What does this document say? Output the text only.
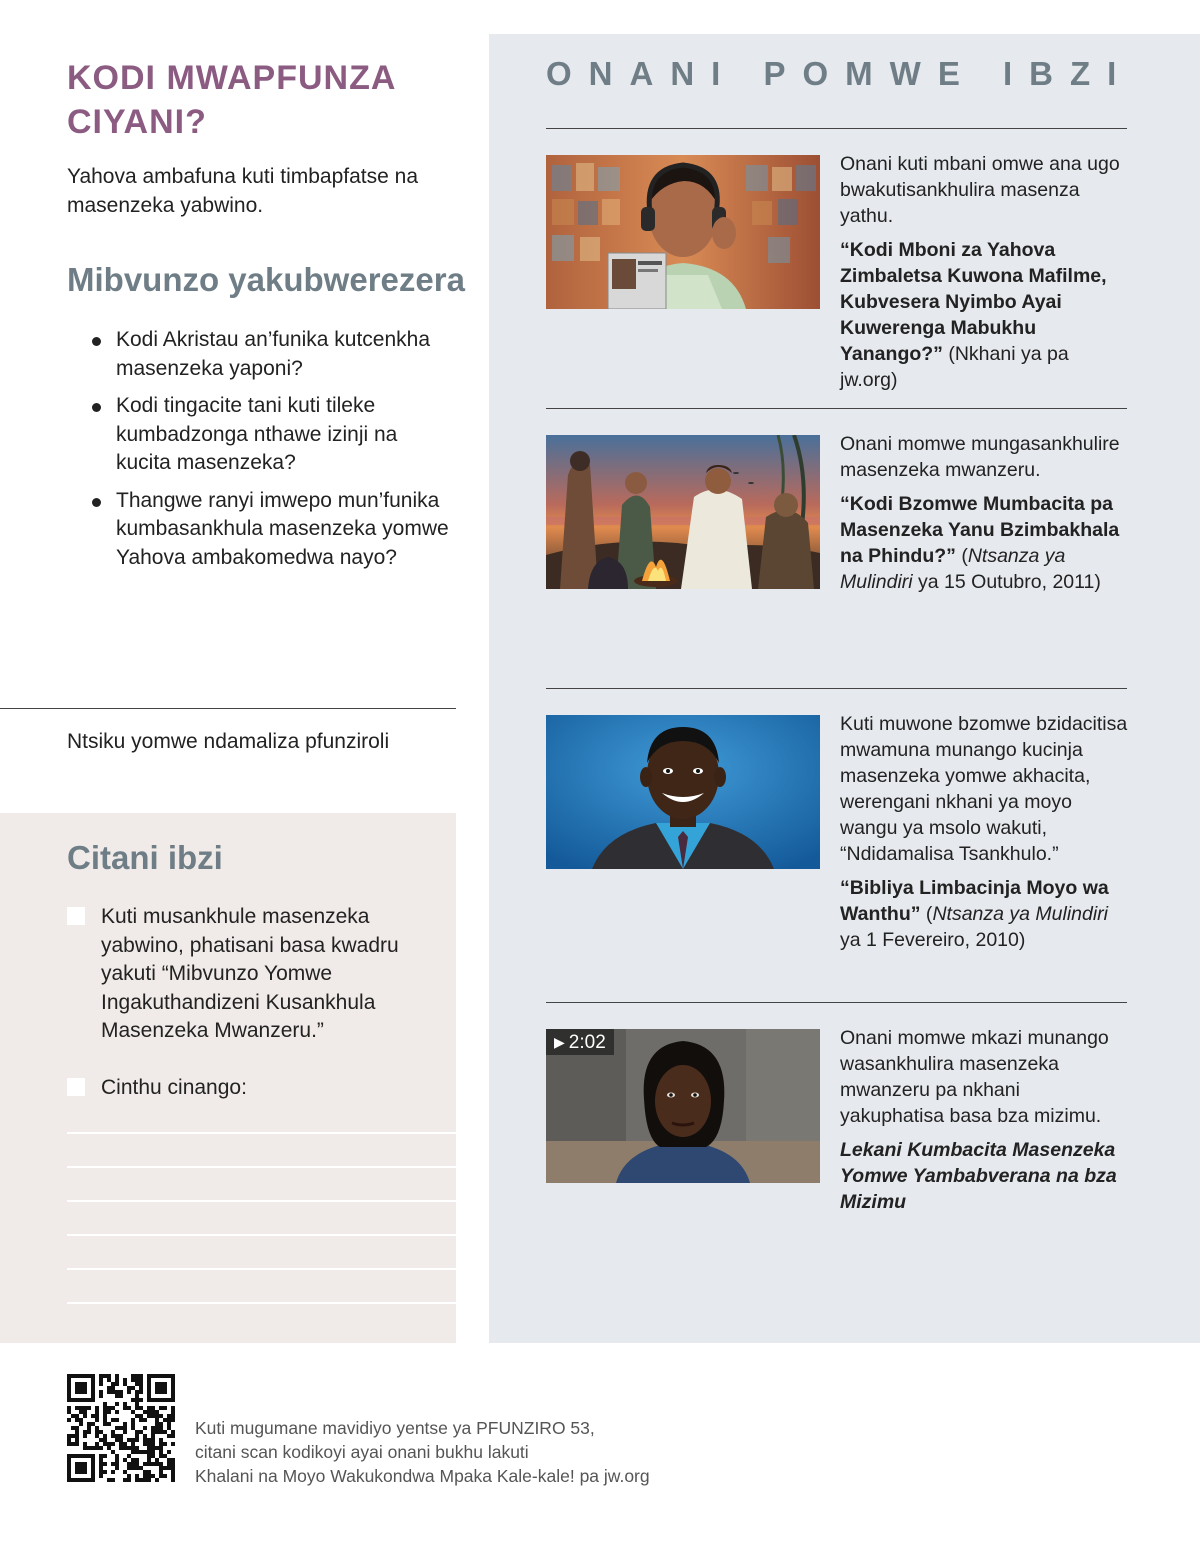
KODI MWAPFUNZA CIYANI?

Yahova ambafuna kuti timbapfatse na masenzeka yabwino.

Mibvunzo yakubwerezera
Kodi Akristau an’funika kutcenkha masenzeka yaponi?
Kodi tingacite tani kuti tileke kumbadzonga nthawe izinji na kucita masenzeka?
Thangwe ranyi imwepo mun’funika kumbasankhula masenzeka yomwe Yahova ambakomedwa nayo?

Ntsiku yomwe ndamaliza pfunziroli

Citani ibzi
Kuti musankhule masenzeka yabwino, phatisani basa kwadru yakuti “Mibvunzo Yomwe Ingakuthandizeni Kusankhula Masenzeka Mwanzeru.”
Cinthu cinango:
ONANI POMWE IBZI

Onani kuti mbani omwe ana ugo bwakutisankhulira masenza yathu.

“Kodi Mboni za Yahova Zimbaletsa Kuwona Mafilme, Kubvesera Nyimbo Ayai Kuwerenga Mabukhu Yanango?” (Nkhani ya pa jw.org)

Onani momwe mungasankhulire masenzeka mwanzeru.

“Kodi Bzomwe Mumbacita pa Masenzeka Yanu Bzimbakhala na Phindu?” (Ntsanza ya Mulindiri ya 15 Outubro, 2011)

Kuti muwone bzomwe bzidacitisa mwamuna munango kucinja masenzeka yomwe akhacita, werengani nkhani ya moyo wangu ya msolo wakuti, “Ndidamalisa Tsankhulo.”

“Bibliya Limbacinja Moyo wa Wanthu” (Ntsanza ya Mulindiri ya 1 Fevereiro, 2010)

▶ 2:02	Onani momwe mkazi munango wasankhulira masenzeka mwanzeru pa nkhani yakuphatisa basa bza mizimu.

Lekani Kumbacita Masenzeka Yomwe Yambabverana na bza Mizimu

Kuti mugumane mavidiyo yentse ya PFUNZIRO 53,

citani scan kodikoyi ayai onani bukhu lakuti

Khalani na Moyo Wakukondwa Mpaka Kale-kale! pa jw.org
